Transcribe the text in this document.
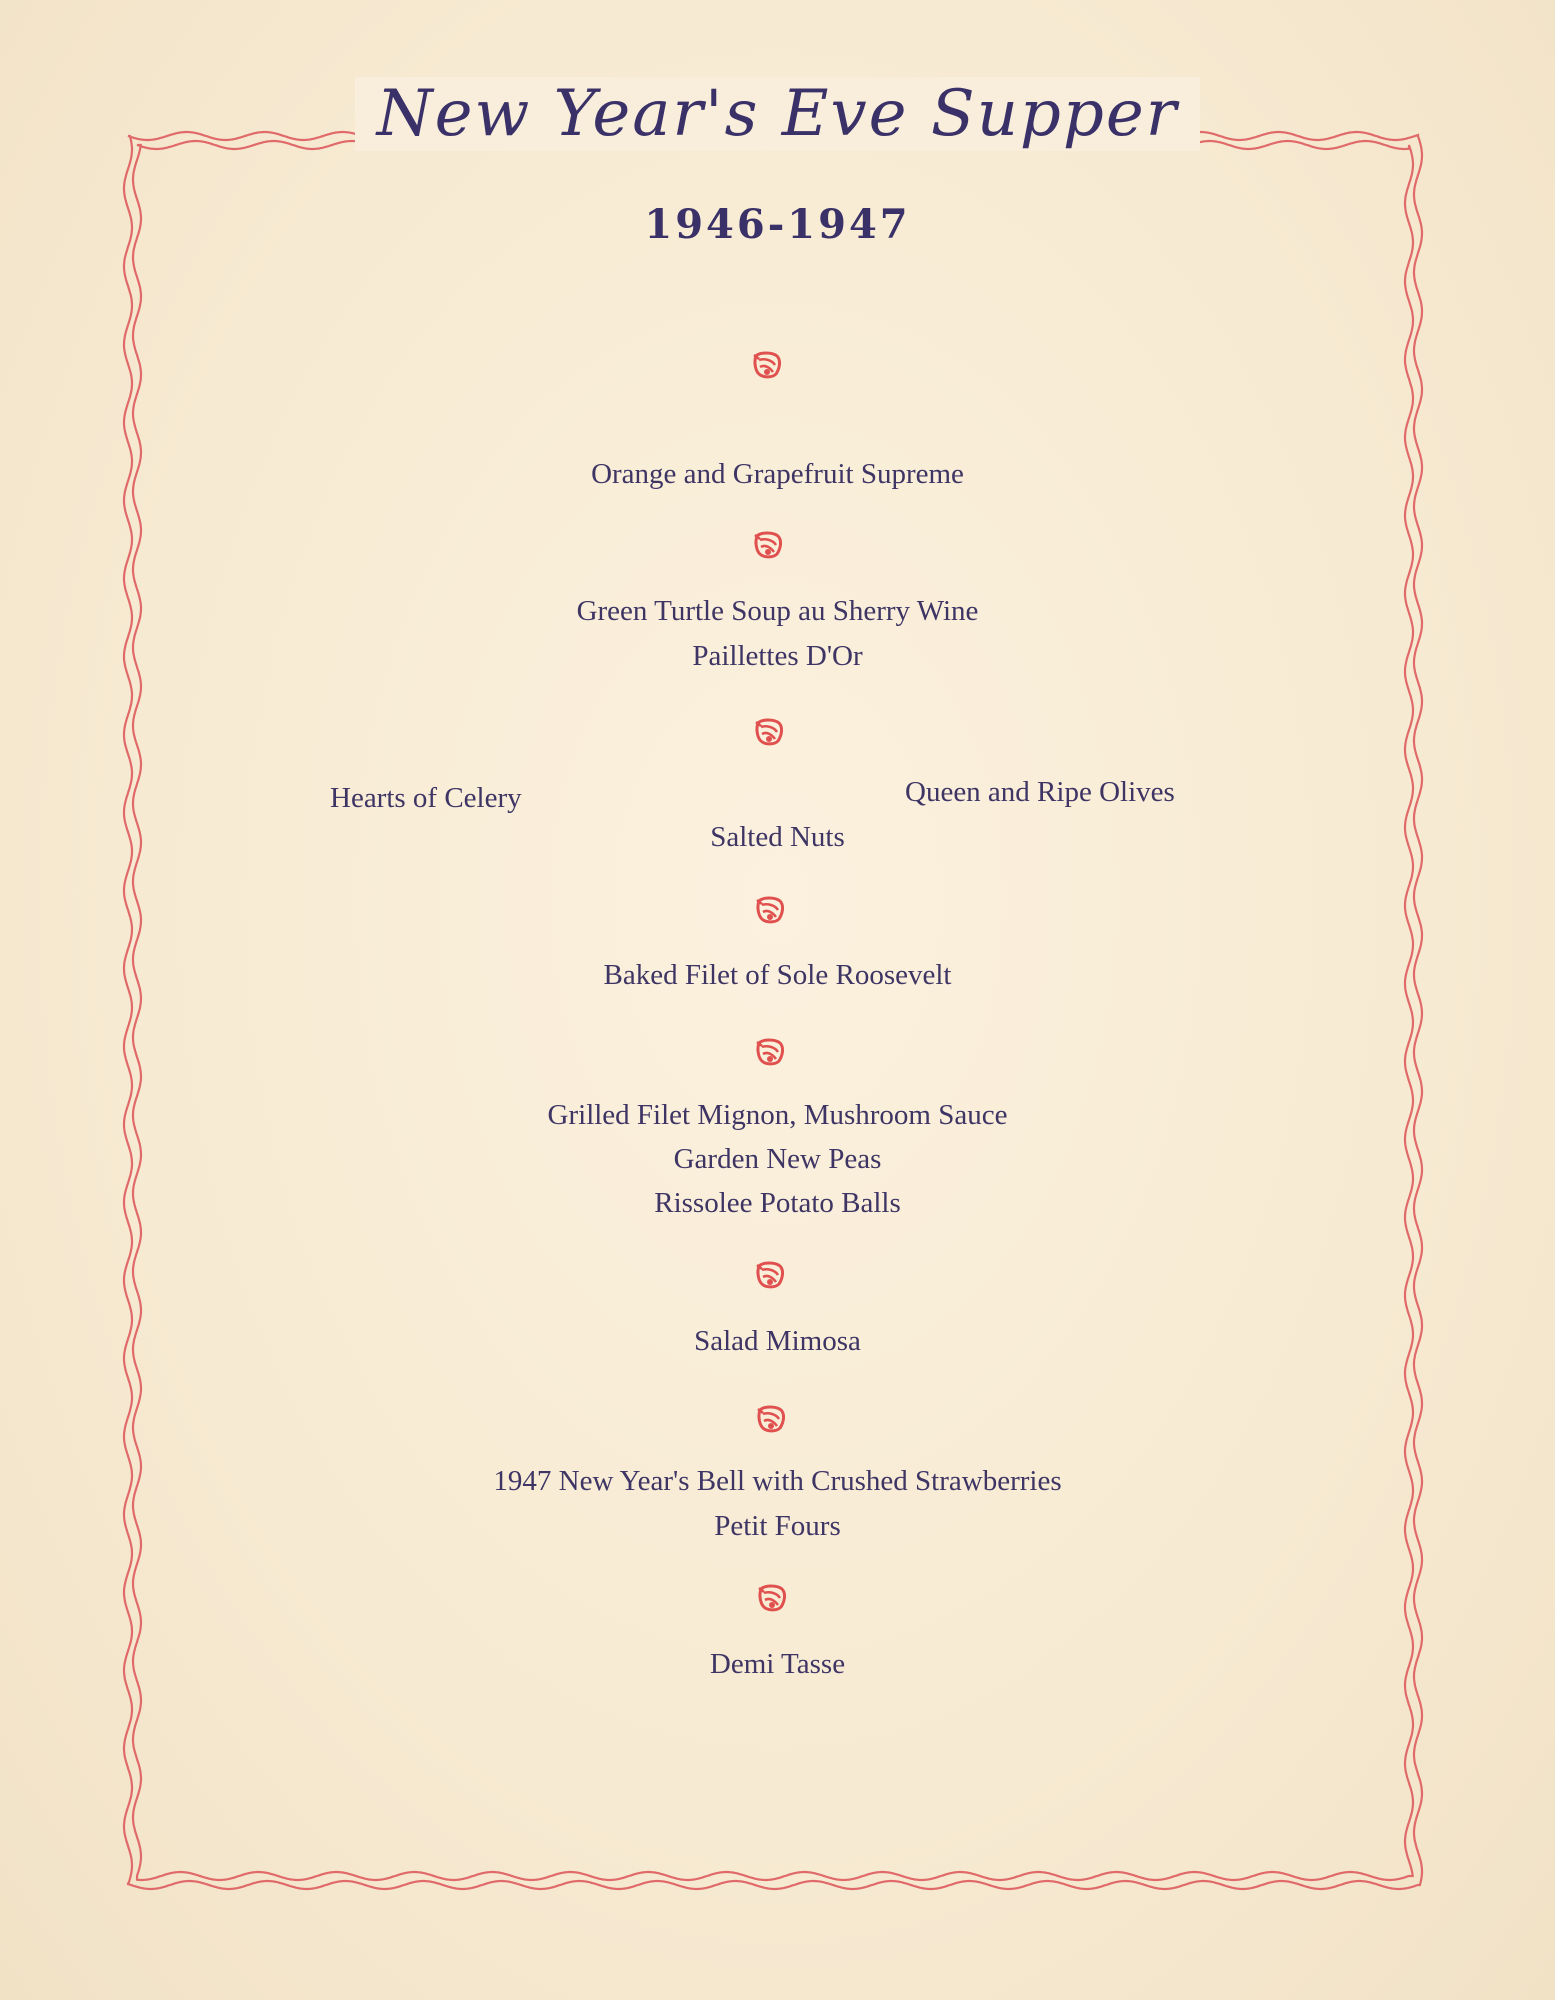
New Year's Eve Supper
1946-1947
Orange and Grapefruit Supreme
Green Turtle Soup au Sherry Wine
Paillettes D'Or
Hearts of Celery	Queen and Ripe Olives
Salted Nuts
Baked Filet of Sole Roosevelt
Grilled Filet Mignon, Mushroom Sauce
Garden New Peas
Rissolee Potato Balls
Salad Mimosa
1947 New Year's Bell with Crushed Strawberries
Petit Fours
Demi Tasse
